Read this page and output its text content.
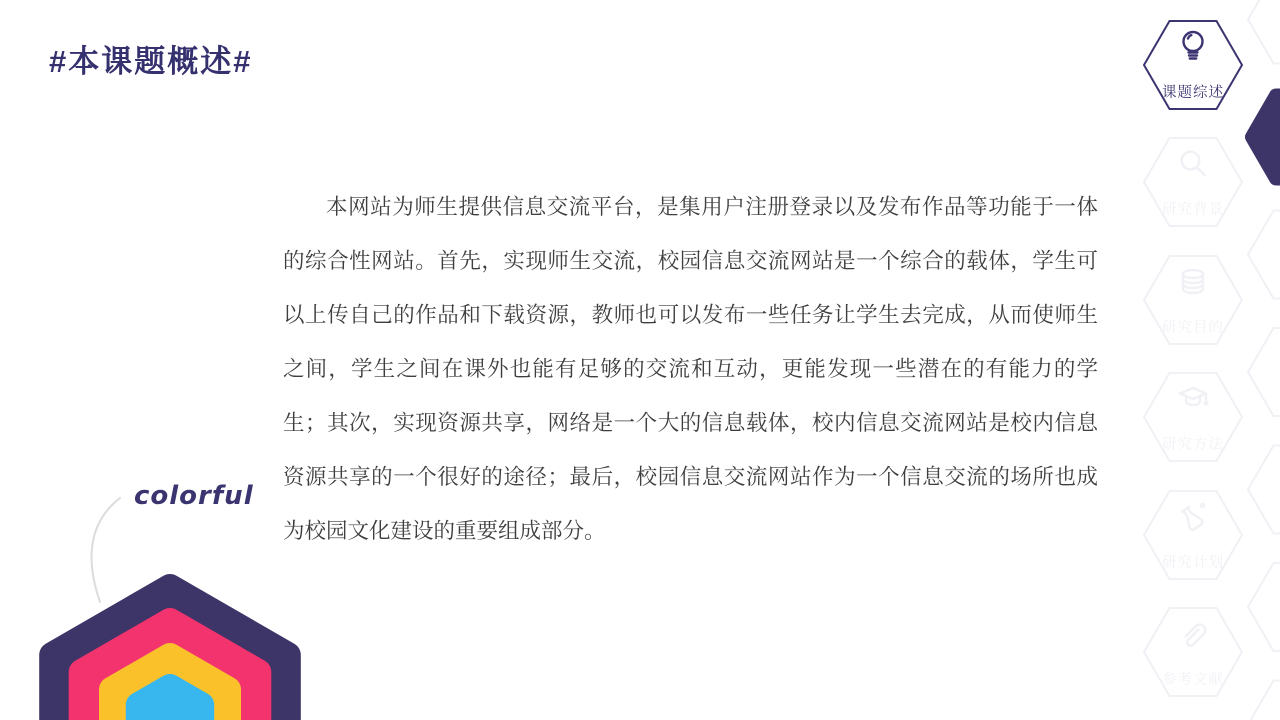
#本课题概述#
本网站为师生提供信息交流平台，是集用户注册登录以及发布作品等功能于一体的综合性网站。首先，实现师生交流，校园信息交流网站是一个综合的载体，学生可以上传自己的作品和下载资源，教师也可以发布一些任务让学生去完成，从而使师生之间，学生之间在课外也能有足够的交流和互动，更能发现一些潜在的有能力的学生；其次，实现资源共享，网络是一个大的信息载体，校内信息交流网站是校内信息资源共享的一个很好的途径；最后，校园信息交流网站作为一个信息交流的场所也成为校园文化建设的重要组成部分。
colorful
课题综述
研究背景
研究目的
研究方法
研究计划
参考文献
